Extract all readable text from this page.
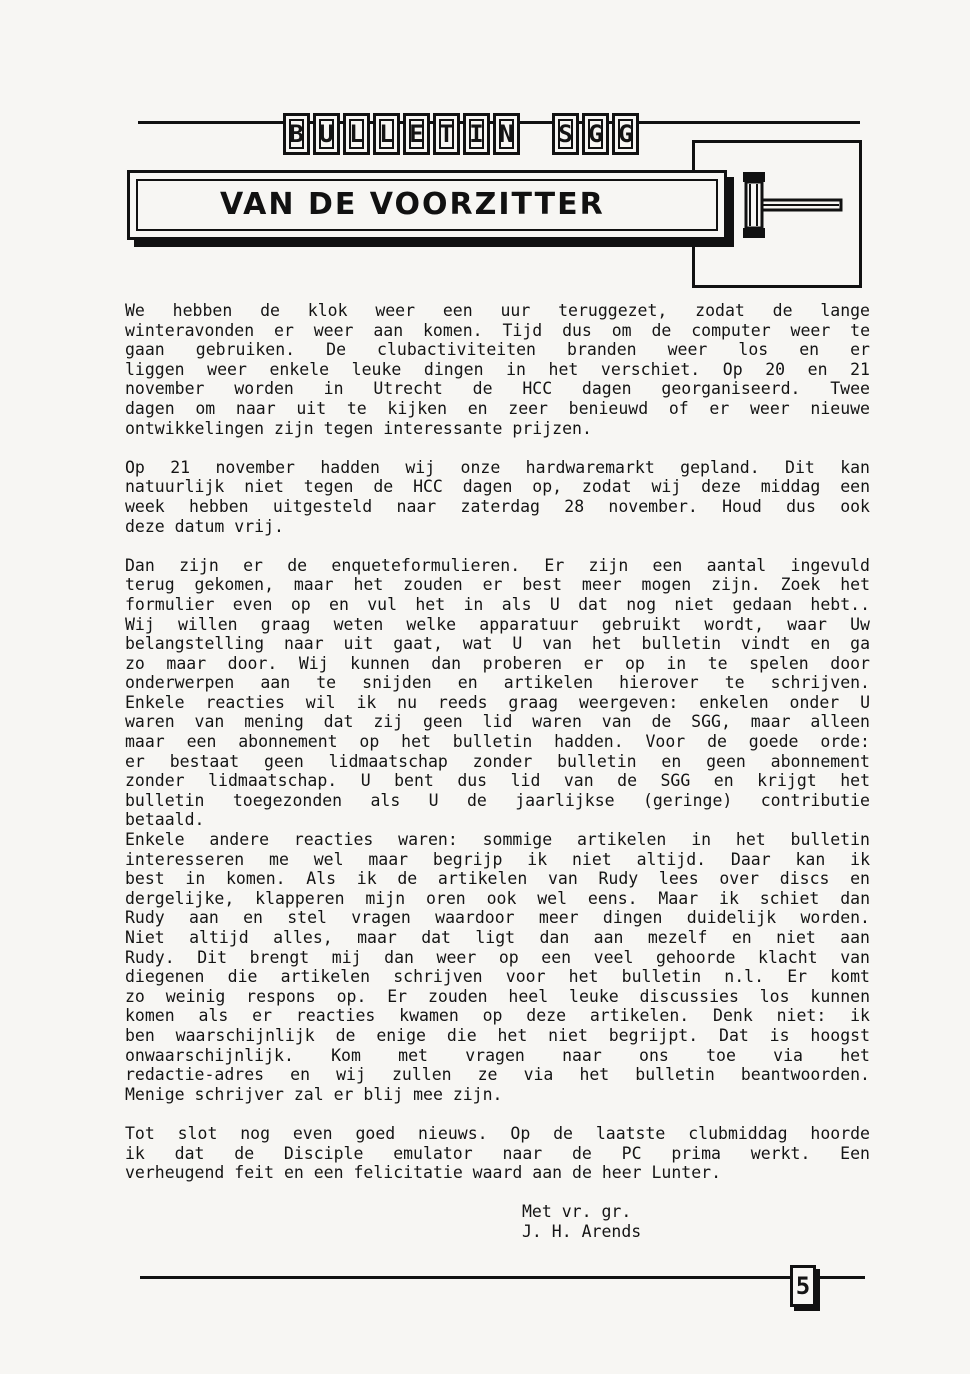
B U L L E T I N S G G
VAN DE VOORZITTER

We hebben de klok weer een uur teruggezet, zodat de lange

winteravonden er weer aan komen. Tijd dus om de computer weer te

gaan gebruiken. De clubactiviteiten branden weer los en er

liggen weer enkele leuke dingen in het verschiet. Op 20 en 21

november worden in Utrecht de HCC dagen georganiseerd. Twee

dagen om naar uit te kijken en zeer benieuwd of er weer nieuwe

ontwikkelingen zijn tegen interessante prijzen.

Op 21 november hadden wij onze hardwaremarkt gepland. Dit kan

natuurlijk niet tegen de HCC dagen op, zodat wij deze middag een

week hebben uitgesteld naar zaterdag 28 november. Houd dus ook

deze datum vrij.

Dan zijn er de enqueteformulieren. Er zijn een aantal ingevuld

terug gekomen, maar het zouden er best meer mogen zijn. Zoek het

formulier even op en vul het in als U dat nog niet gedaan hebt..

Wij willen graag weten welke apparatuur gebruikt wordt, waar Uw

belangstelling naar uit gaat, wat U van het bulletin vindt en ga

zo maar door. Wij kunnen dan proberen er op in te spelen door

onderwerpen aan te snijden en artikelen hierover te schrijven.

Enkele reacties wil ik nu reeds graag weergeven: enkelen onder U

waren van mening dat zij geen lid waren van de SGG, maar alleen

maar een abonnement op het bulletin hadden. Voor de goede orde:

er bestaat geen lidmaatschap zonder bulletin en geen abonnement

zonder lidmaatschap. U bent dus lid van de SGG en krijgt het

bulletin toegezonden als U de jaarlijkse (geringe) contributie

betaald.

Enkele andere reacties waren: sommige artikelen in het bulletin

interesseren me wel maar begrijp ik niet altijd. Daar kan ik

best in komen. Als ik de artikelen van Rudy lees over discs en

dergelijke, klapperen mijn oren ook wel eens. Maar ik schiet dan

Rudy aan en stel vragen waardoor meer dingen duidelijk worden.

Niet altijd alles, maar dat ligt dan aan mezelf en niet aan

Rudy. Dit brengt mij dan weer op een veel gehoorde klacht van

diegenen die artikelen schrijven voor het bulletin n.l. Er komt

zo weinig respons op. Er zouden heel leuke discussies los kunnen

komen als er reacties kwamen op deze artikelen. Denk niet: ik

ben waarschijnlijk de enige die het niet begrijpt. Dat is hoogst

onwaarschijnlijk. Kom met vragen naar ons toe via het

redactie-adres en wij zullen ze via het bulletin beantwoorden.

Menige schrijver zal er blij mee zijn.

Tot slot nog even goed nieuws. Op de laatste clubmiddag hoorde

ik dat de Disciple emulator naar de PC prima werkt. Een

verheugend feit en een felicitatie waard aan de heer Lunter.

Met vr. gr.

J. H. Arends

5
